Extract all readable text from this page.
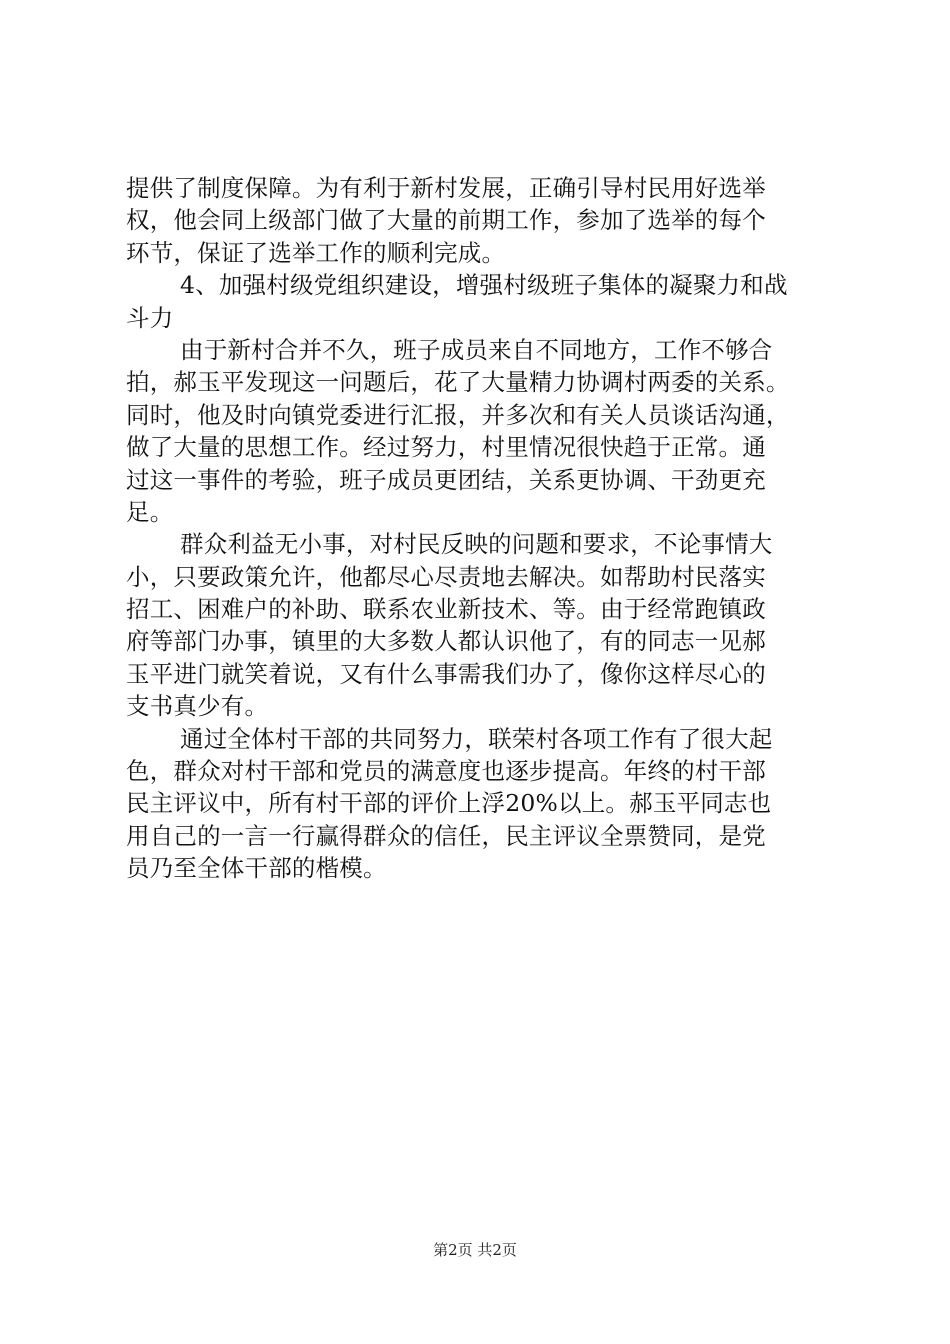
提供了制度保障。为有利于新村发展，正确引导村民用好选举
权，他会同上级部门做了大量的前期工作，参加了选举的每个
环节，保证了选举工作的顺利完成。
4、加强村级党组织建设，增强村级班子集体的凝聚力和战
斗力
由于新村合并不久，班子成员来自不同地方，工作不够合
拍，郝玉平发现这一问题后，花了大量精力协调村两委的关系。
同时，他及时向镇党委进行汇报，并多次和有关人员谈话沟通，
做了大量的思想工作。经过努力，村里情况很快趋于正常。通
过这一事件的考验，班子成员更团结，关系更协调、干劲更充
足。
群众利益无小事，对村民反映的问题和要求，不论事情大
小，只要政策允许，他都尽心尽责地去解决。如帮助村民落实
招工、困难户的补助、联系农业新技术、等。由于经常跑镇政
府等部门办事，镇里的大多数人都认识他了，有的同志一见郝
玉平进门就笑着说，又有什么事需我们办了，像你这样尽心的
支书真少有。
通过全体村干部的共同努力，联荣村各项工作有了很大起
色，群众对村干部和党员的满意度也逐步提高。年终的村干部
民主评议中，所有村干部的评价上浮20%以上。郝玉平同志也
用自己的一言一行赢得群众的信任，民主评议全票赞同，是党
员乃至全体干部的楷模。
第2页 共2页
